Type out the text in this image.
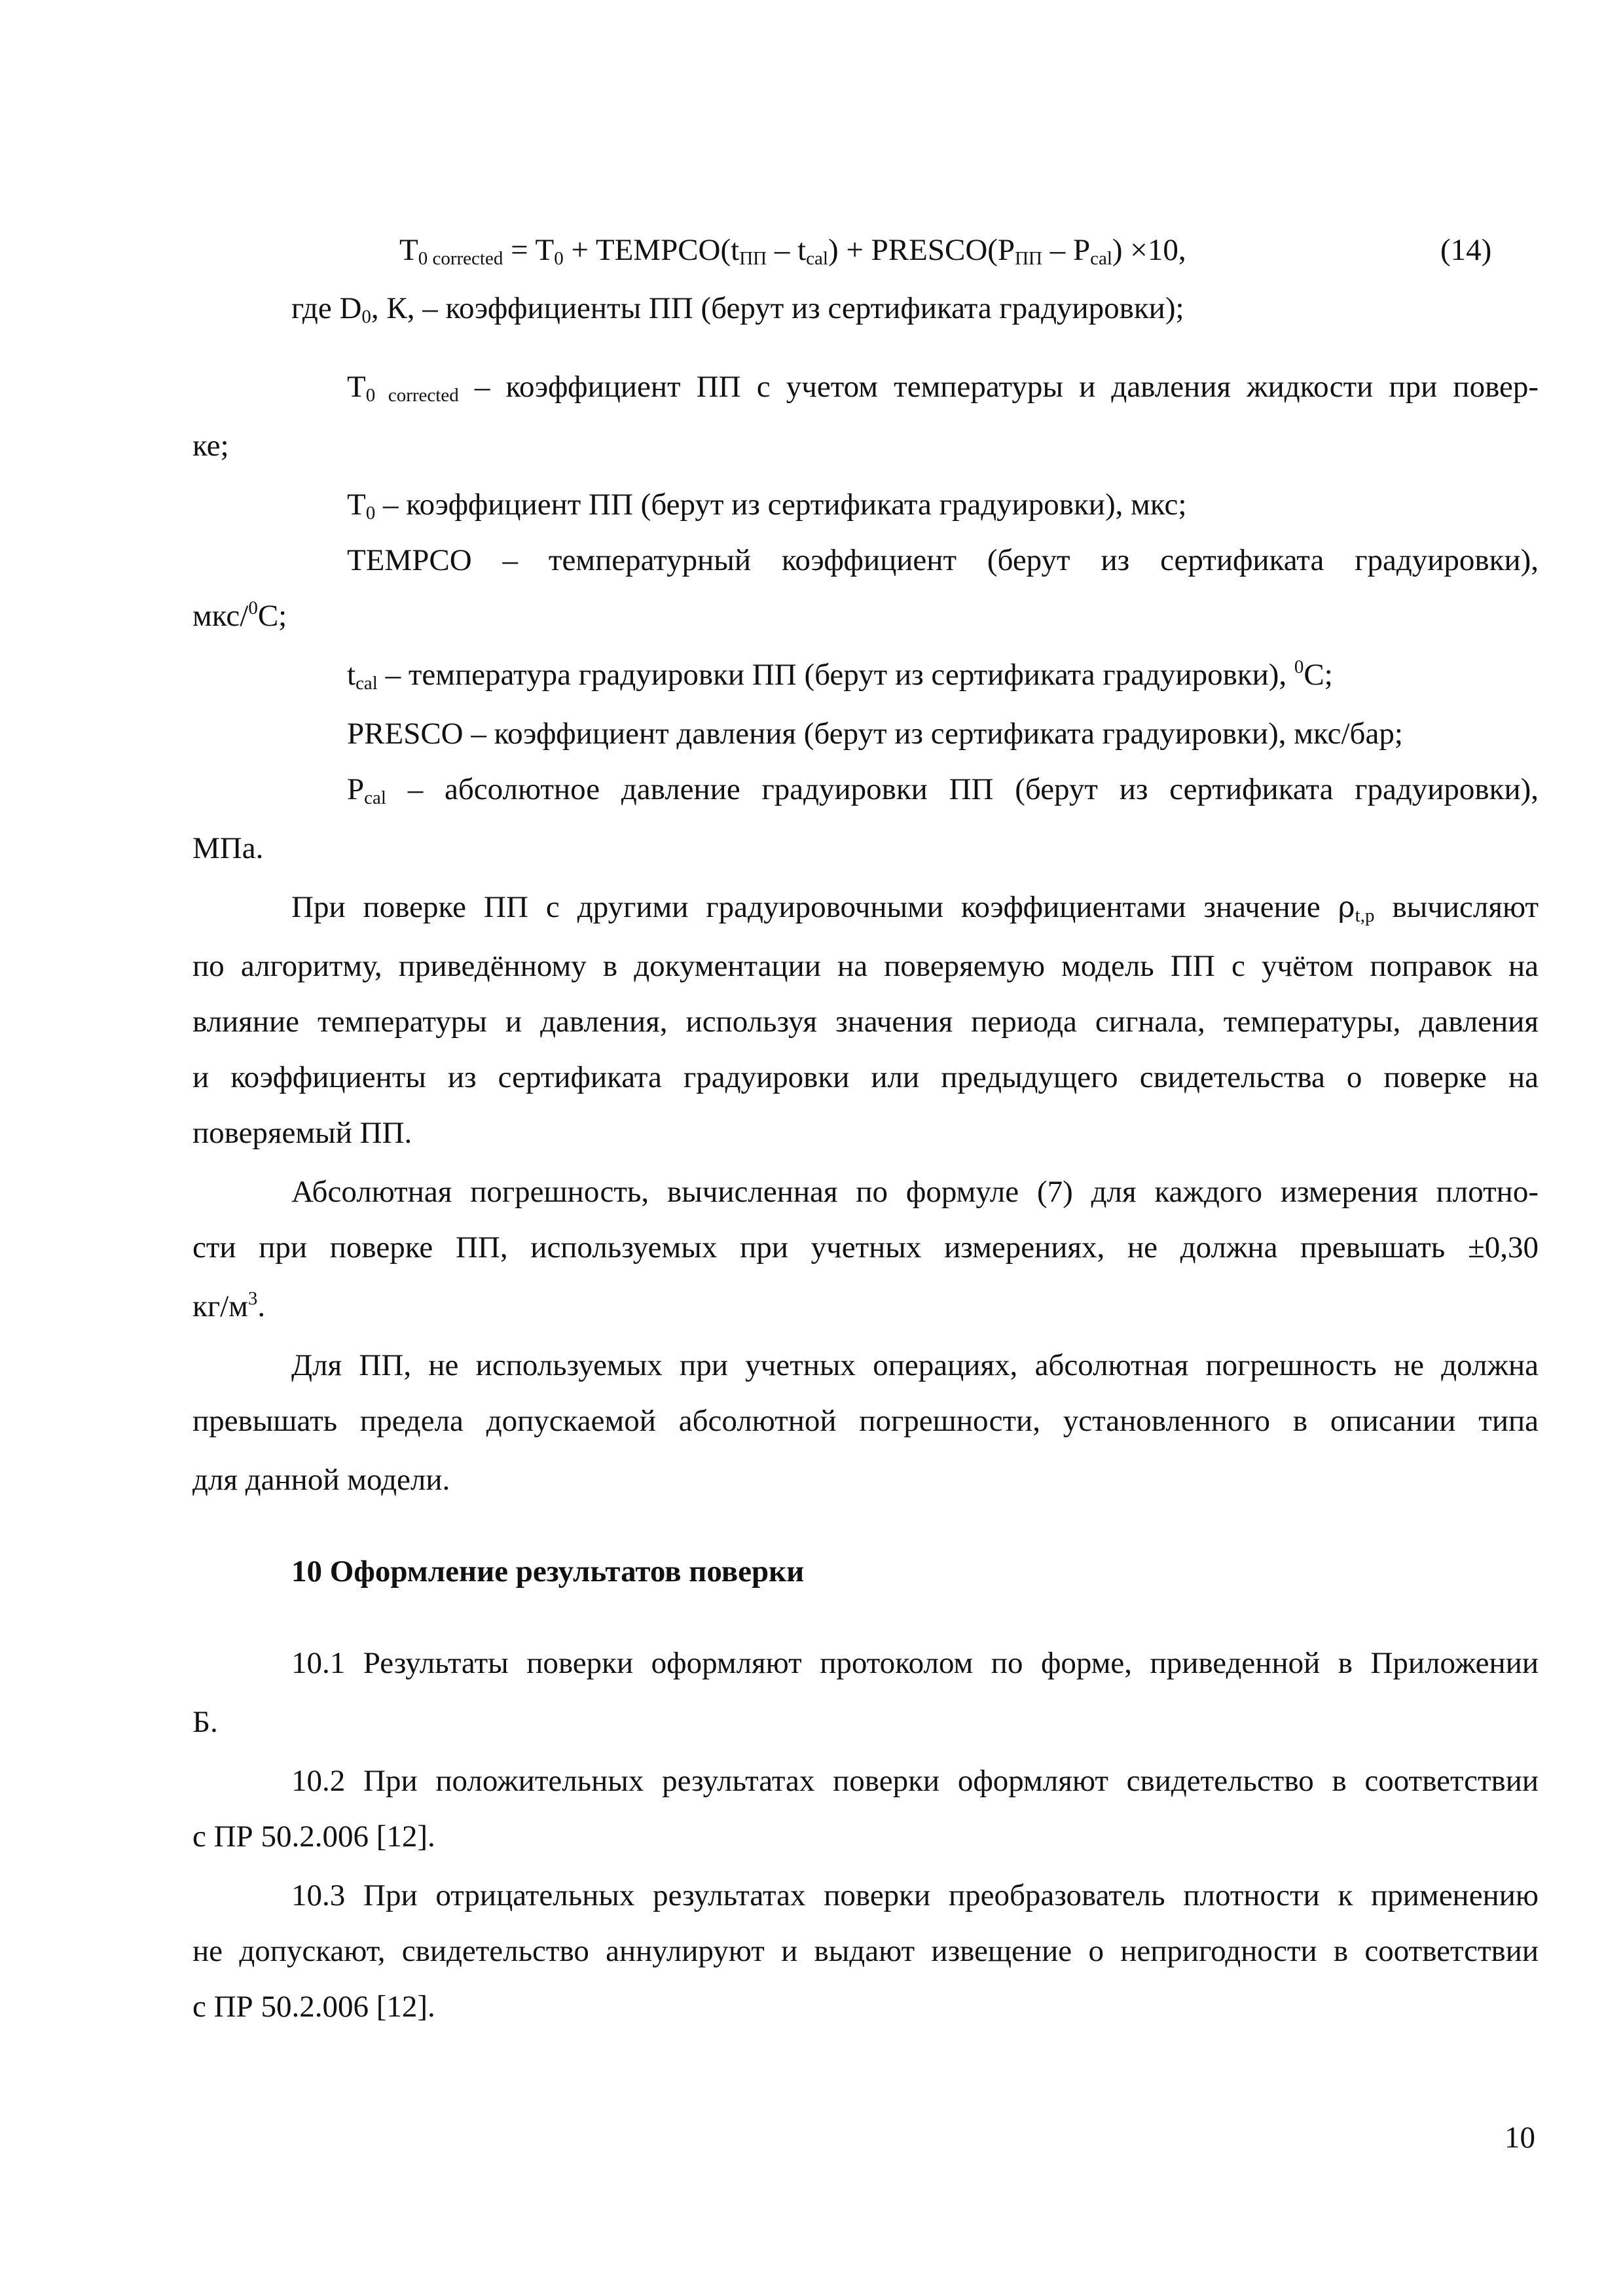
$T_{0 corrected} = T_0$ + $TEMPCO(t_{ПП} - t_{cal})$ + $PRESCO(P_{ПП} - P_{cal}) \times 10$,	(14)
где $D_0$, К, – коэффициенты ПП (берут из сертификата градуировки);
$T_{0 corrected}$ – коэффициент ПП с учетом температуры и давления жидкости при повер-
ке;
$T_0$ – коэффициент ПП (берут из сертификата градуировки), мкс;
TEMPCO – температурный коэффициент (берут из сертификата градуировки),
мкс/$^0$С;
$t_{cal}$ – температура градуировки ПП (берут из сертификата градуировки), $^0$С;
PRESCO – коэффициент давления (берут из сертификата градуировки), мкс/бар;
$P_{cal}$ – абсолютное давление градуировки ПП (берут из сертификата градуировки),
МПа.
При поверке ПП с другими градуировочными коэффициентами значение $\rho_{t,p}$ вычисляют
по алгоритму, приведённому в документации на поверяемую модель ПП с учётом поправок на
влияние температуры и давления, используя значения периода сигнала, температуры, давления
и коэффициенты из сертификата градуировки или предыдущего свидетельства о поверке на
поверяемый ПП.
Абсолютная погрешность, вычисленная по формуле (7) для каждого измерения плотно-
сти при поверке ПП, используемых при учетных измерениях, не должна превышать ±0,30
$кг/м^3$.
Для ПП, не используемых при учетных операциях, абсолютная погрешность не должна
превышать предела допускаемой абсолютной погрешности, установленного в описании типа
для данной модели.
10 Оформление результатов поверки
10.1 Результаты поверки оформляют протоколом по форме, приведенной в Приложении
Б.
10.2 При положительных результатах поверки оформляют свидетельство в соответствии
с ПР 50.2.006 [12].
10.3 При отрицательных результатах поверки преобразователь плотности к применению
не допускают, свидетельство аннулируют и выдают извещение о непригодности в соответствии
с ПР 50.2.006 [12].
10
